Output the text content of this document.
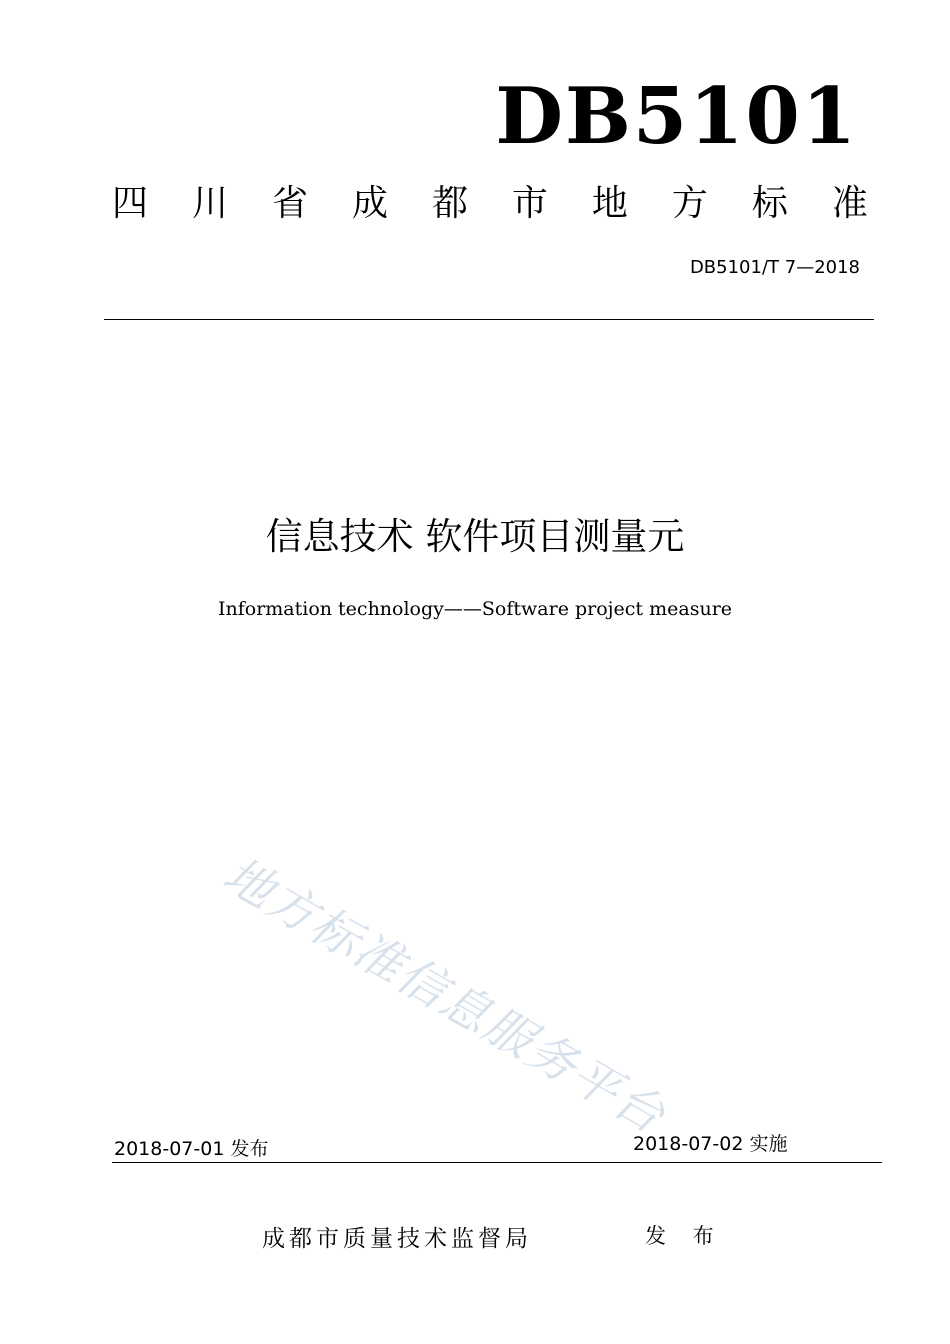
DB5101
四 川 省 成 都 市 地 方 标 准
DB5101/T 7—2018
信息技术 软件项目测量元
Information technology——Software project measure
地方标准信息服务平台
2018-07-01 发布	2018-07-02 实施
成都市质量技术监督局	发 布
